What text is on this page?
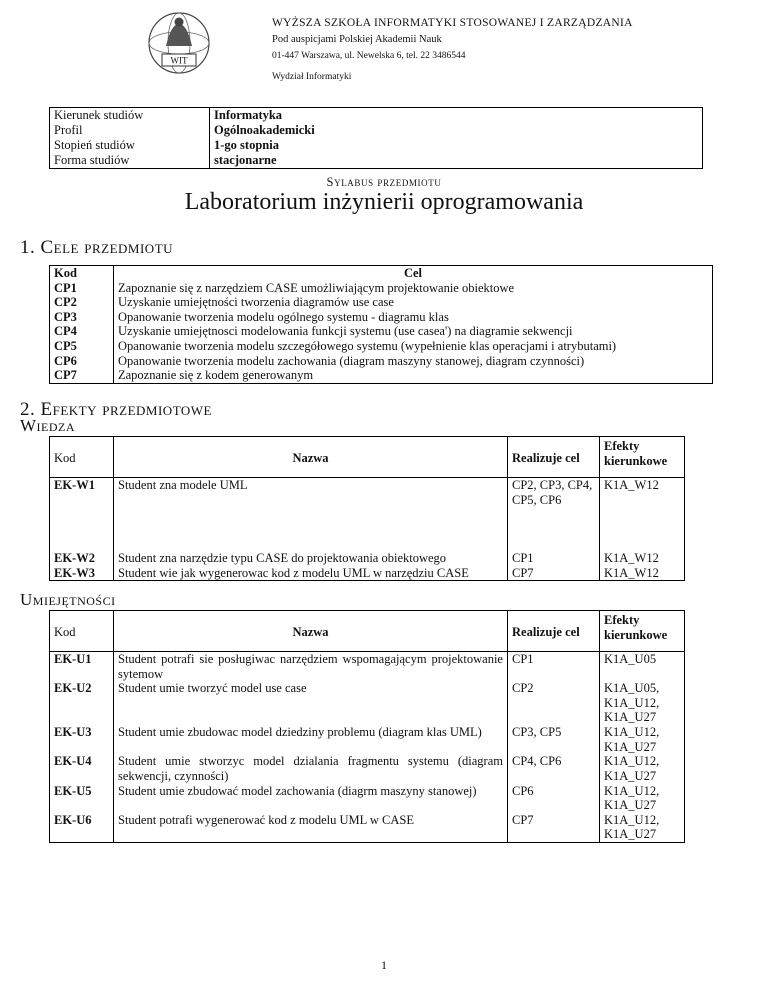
WIT
WYŻSZA SZKOŁA INFORMATYKI STOSOWANEJ I ZARZĄDZANIA
Pod auspicjami Polskiej Akademii Nauk
01-447 Warszawa, ul. Newelska 6, tel. 22 3486544
Wydział Informatyki
Kierunek studiów	Informatyka
Profil	Ogólnoakademicki
Stopień studiów	1-go stopnia
Forma studiów	stacjonarne
Sylabus przedmiotu
Laboratorium inżynierii oprogramowania
1. Cele przedmiotu
Kod	Cel
CP1	Zapoznanie się z narzędziem CASE umożliwiającym projektowanie obiektowe
CP2	Uzyskanie umiejętności tworzenia diagramów use case
CP3	Opanowanie tworzenia modelu ogólnego systemu - diagramu klas
CP4	Uzyskanie umiejętnosci modelowania funkcji systemu (use casea') na diagramie sekwencji
CP5	Opanowanie tworzenia modelu szczegółowego systemu (wypełnienie klas operacjami i atrybutami)
CP6	Opanowanie tworzenia modelu zachowania (diagram maszyny stanowej, diagram czynności)
CP7	Zapoznanie się z kodem generowanym
2. Efekty przedmiotowe
Wiedza
Kod	Nazwa	Realizuje cel	Efekty kierunkowe
EK-W1	Student zna modele UML	CP2, CP3, CP4, CP5, CP6	K1A_W12
EK-W2	Student zna narzędzie typu CASE do projektowania obiektowego	CP1	K1A_W12
EK-W3	Student wie jak wygenerowac kod z modelu UML w narzędziu CASE	CP7	K1A_W12
Umiejętności
Kod	Nazwa	Realizuje cel	Efekty kierunkowe
EK-U1	Student potrafi sie posługiwac narzędziem wspomagającym projektowanie sytemow	CP1	K1A_U05
EK-U2	Student umie tworzyć model use case	CP2	K1A_U05, K1A_U12, K1A_U27
EK-U3	Student umie zbudowac model dziedziny problemu (diagram klas UML)	CP3, CP5	K1A_U12, K1A_U27
EK-U4	Student umie stworzyc model dzialania fragmentu systemu (diagram sekwencji, czynności)	CP4, CP6	K1A_U12, K1A_U27
EK-U5	Student umie zbudować model zachowania (diagrm maszyny stanowej)	CP6	K1A_U12, K1A_U27
EK-U6	Student potrafi wygenerować kod z modelu UML w CASE	CP7	K1A_U12, K1A_U27
1
